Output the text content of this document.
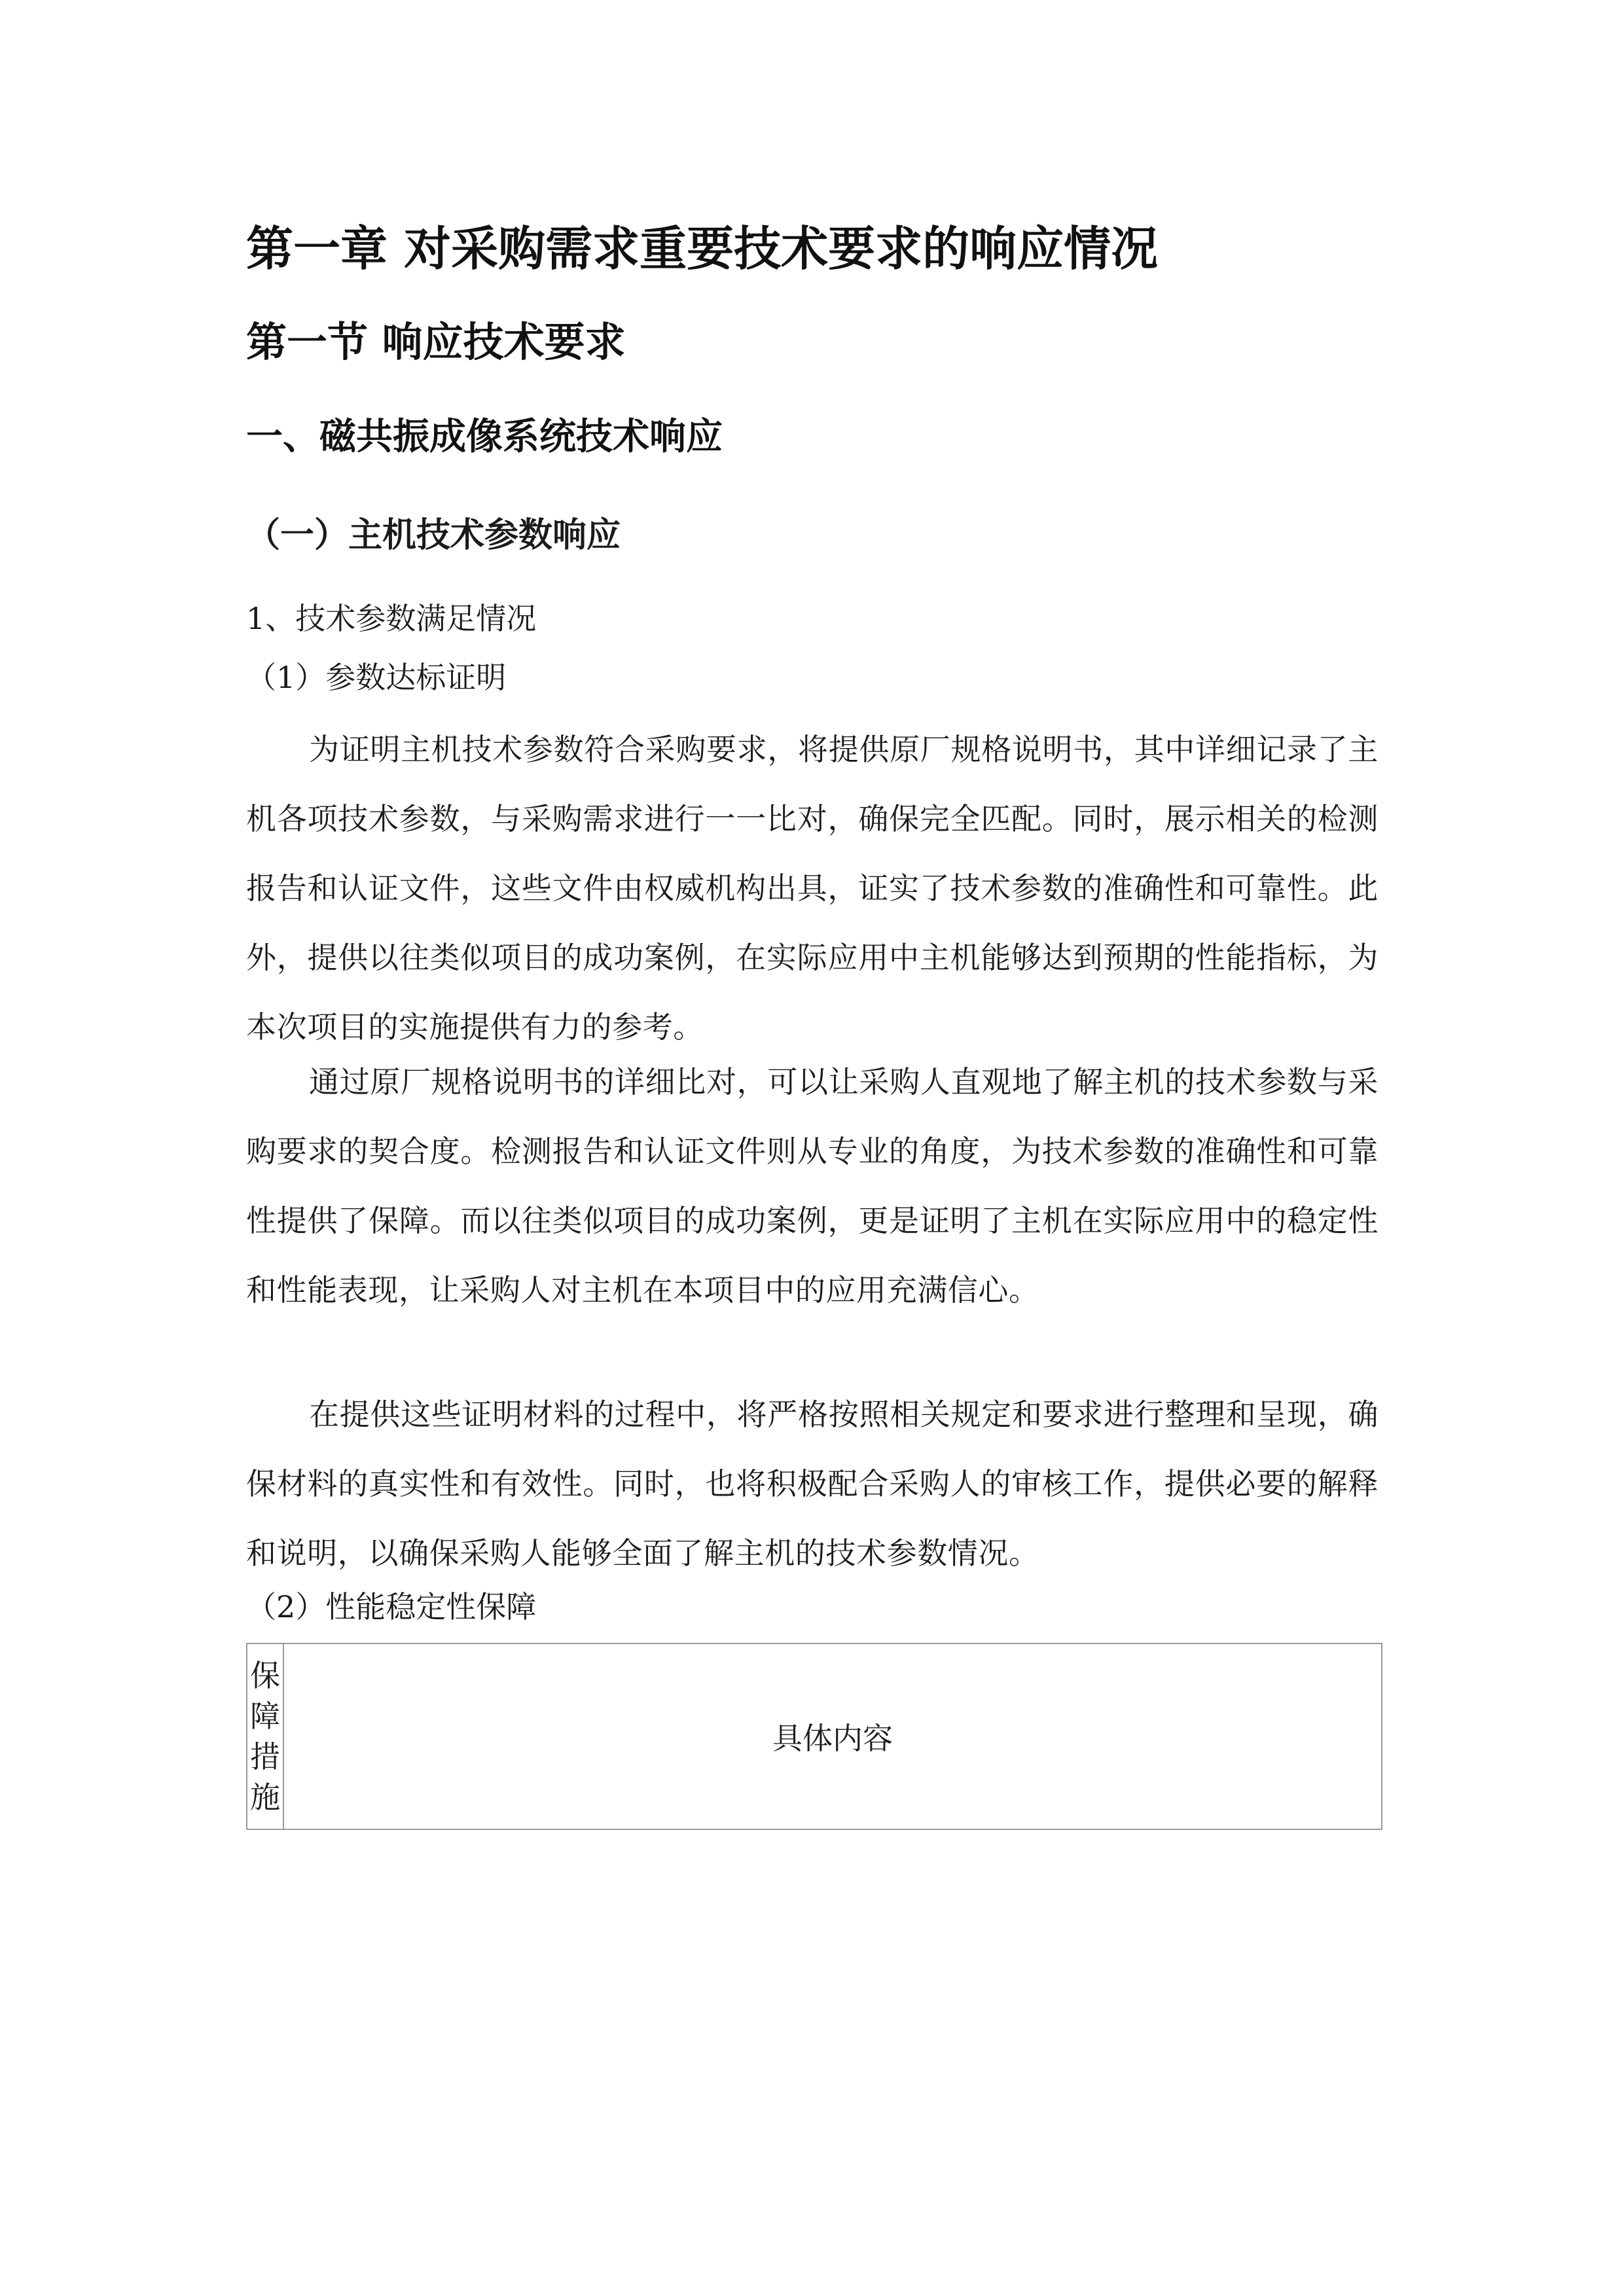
第一章 对采购需求重要技术要求的响应情况
第一节 响应技术要求
一、磁共振成像系统技术响应
（一）主机技术参数响应

1、技术参数满足情况

（1）参数达标证明

为证明主机技术参数符合采购要求，将提供原厂规格说明书，其中详细记录了主机各项技术参数，与采购需求进行一一比对，确保完全匹配。同时，展示相关的检测报告和认证文件，这些文件由权威机构出具，证实了技术参数的准确性和可靠性。此外，提供以往类似项目的成功案例，在实际应用中主机能够达到预期的性能指标，为本次项目的实施提供有力的参考。

通过原厂规格说明书的详细比对，可以让采购人直观地了解主机的技术参数与采购要求的契合度。检测报告和认证文件则从专业的角度，为技术参数的准确性和可靠性提供了保障。而以往类似项目的成功案例，更是证明了主机在实际应用中的稳定性和性能表现，让采购人对主机在本项目中的应用充满信心。

在提供这些证明材料的过程中，将严格按照相关规定和要求进行整理和呈现，确保材料的真实性和有效性。同时，也将积极配合采购人的审核工作，提供必要的解释和说明，以确保采购人能够全面了解主机的技术参数情况。

（2）性能稳定性保障

保障措施	具体内容
